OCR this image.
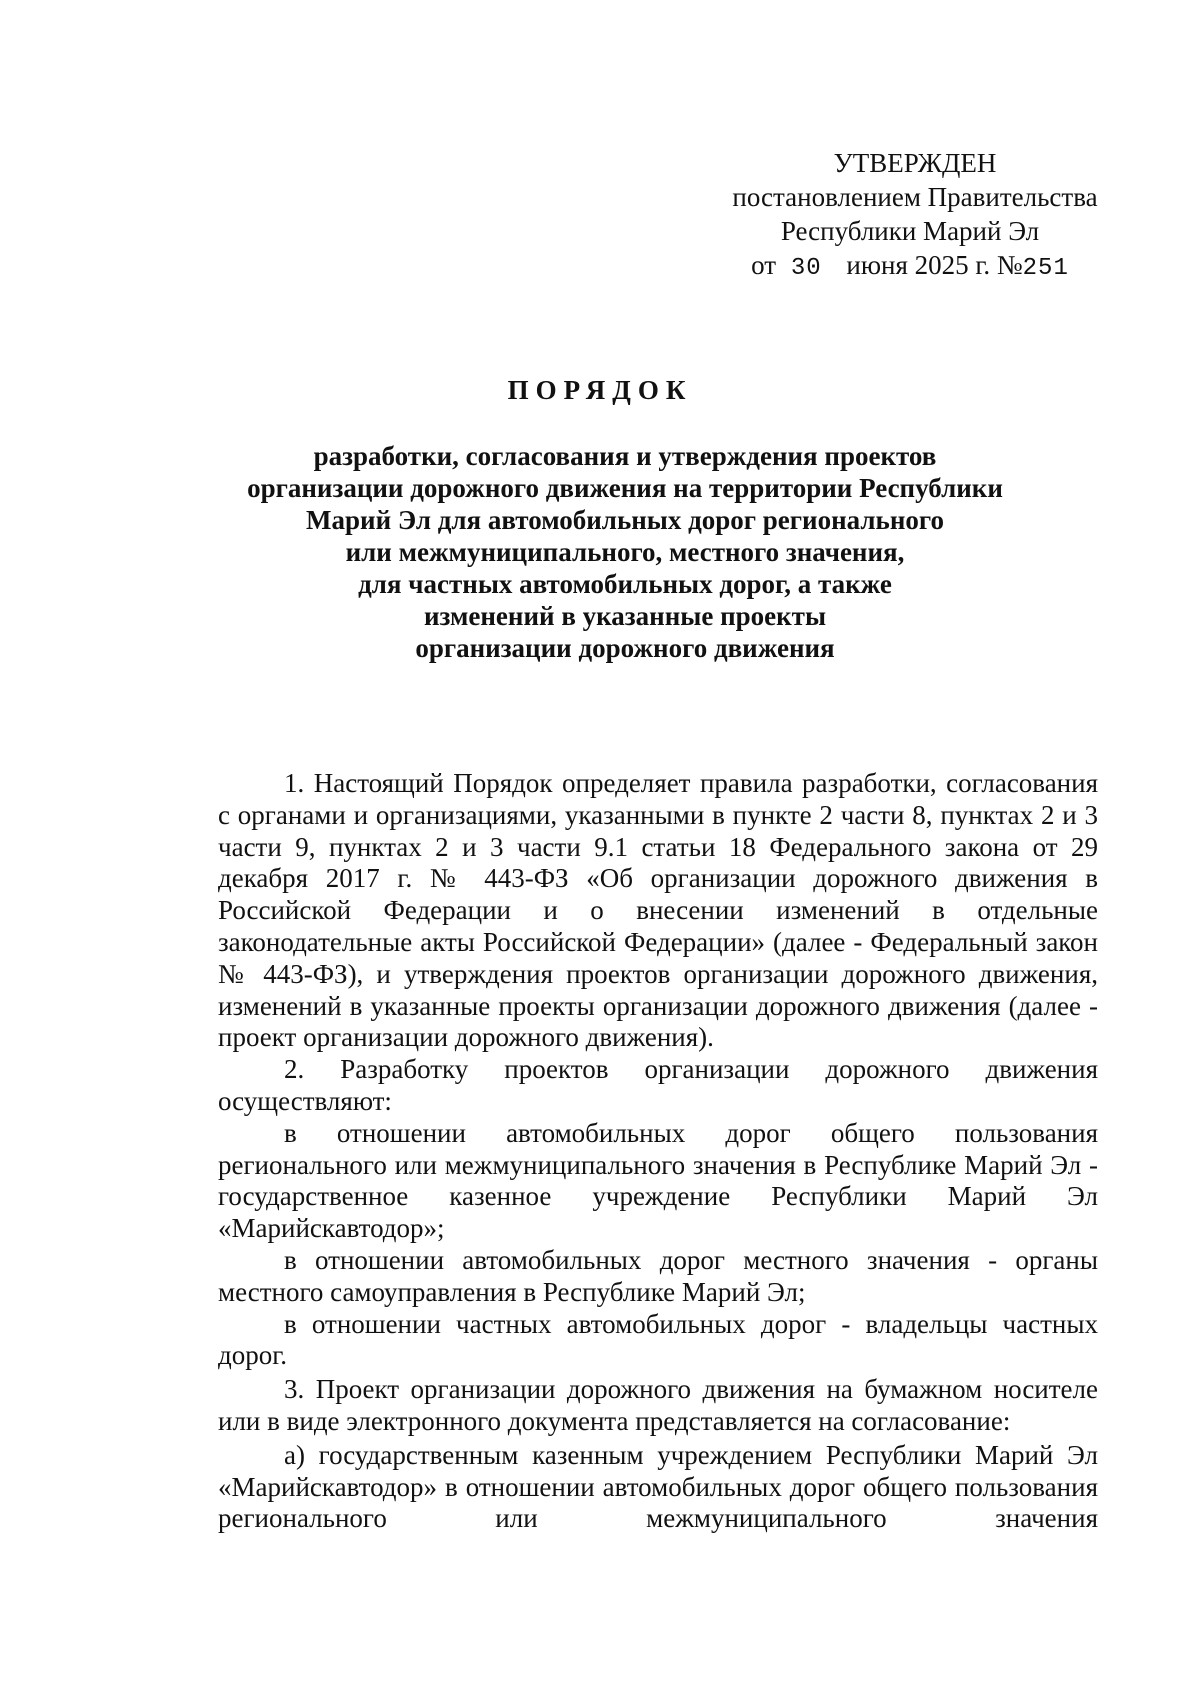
УТВЕРЖДЕН
постановлением Правительства
Республики Марий Эл
от 30 июня 2025 г. №251
ПОРЯДОК
разработки, согласования и утверждения проектов
организации дорожного движения на территории Республики
Марий Эл для автомобильных дорог регионального
или межмуниципального, местного значения,
для частных автомобильных дорог, а также
изменений в указанные проекты
организации дорожного движения

1. Настоящий Порядок определяет правила разработки, согласования с органами и организациями, указанными в пункте 2 части 8, пунктах 2 и 3 части 9, пунктах 2 и 3 части 9.1 статьи 18 Федерального закона от 29 декабря 2017 г. № 443-ФЗ «Об организации дорожного движения в Российской Федерации и о внесении изменений в отдельные законодательные акты Российской Федерации» (далее - Федеральный закон № 443-ФЗ), и утверждения проектов организации дорожного движения, изменений в указанные проекты организации дорожного движения (далее - проект организации дорожного движения).

2. Разработку проектов организации дорожного движения осуществляют:

в отношении автомобильных дорог общего пользования регионального или межмуниципального значения в Республике Марий Эл - государственное казенное учреждение Республики Марий Эл «Марийскавтодор»;

в отношении автомобильных дорог местного значения - органы местного самоуправления в Республике Марий Эл;

в отношении частных автомобильных дорог - владельцы частных дорог.

3. Проект организации дорожного движения на бумажном носителе или в виде электронного документа представляется на согласование:

а) государственным казенным учреждением Республики Марий Эл «Марийскавтодор» в отношении автомобильных дорог общего пользования регионального или межмуниципального значения
